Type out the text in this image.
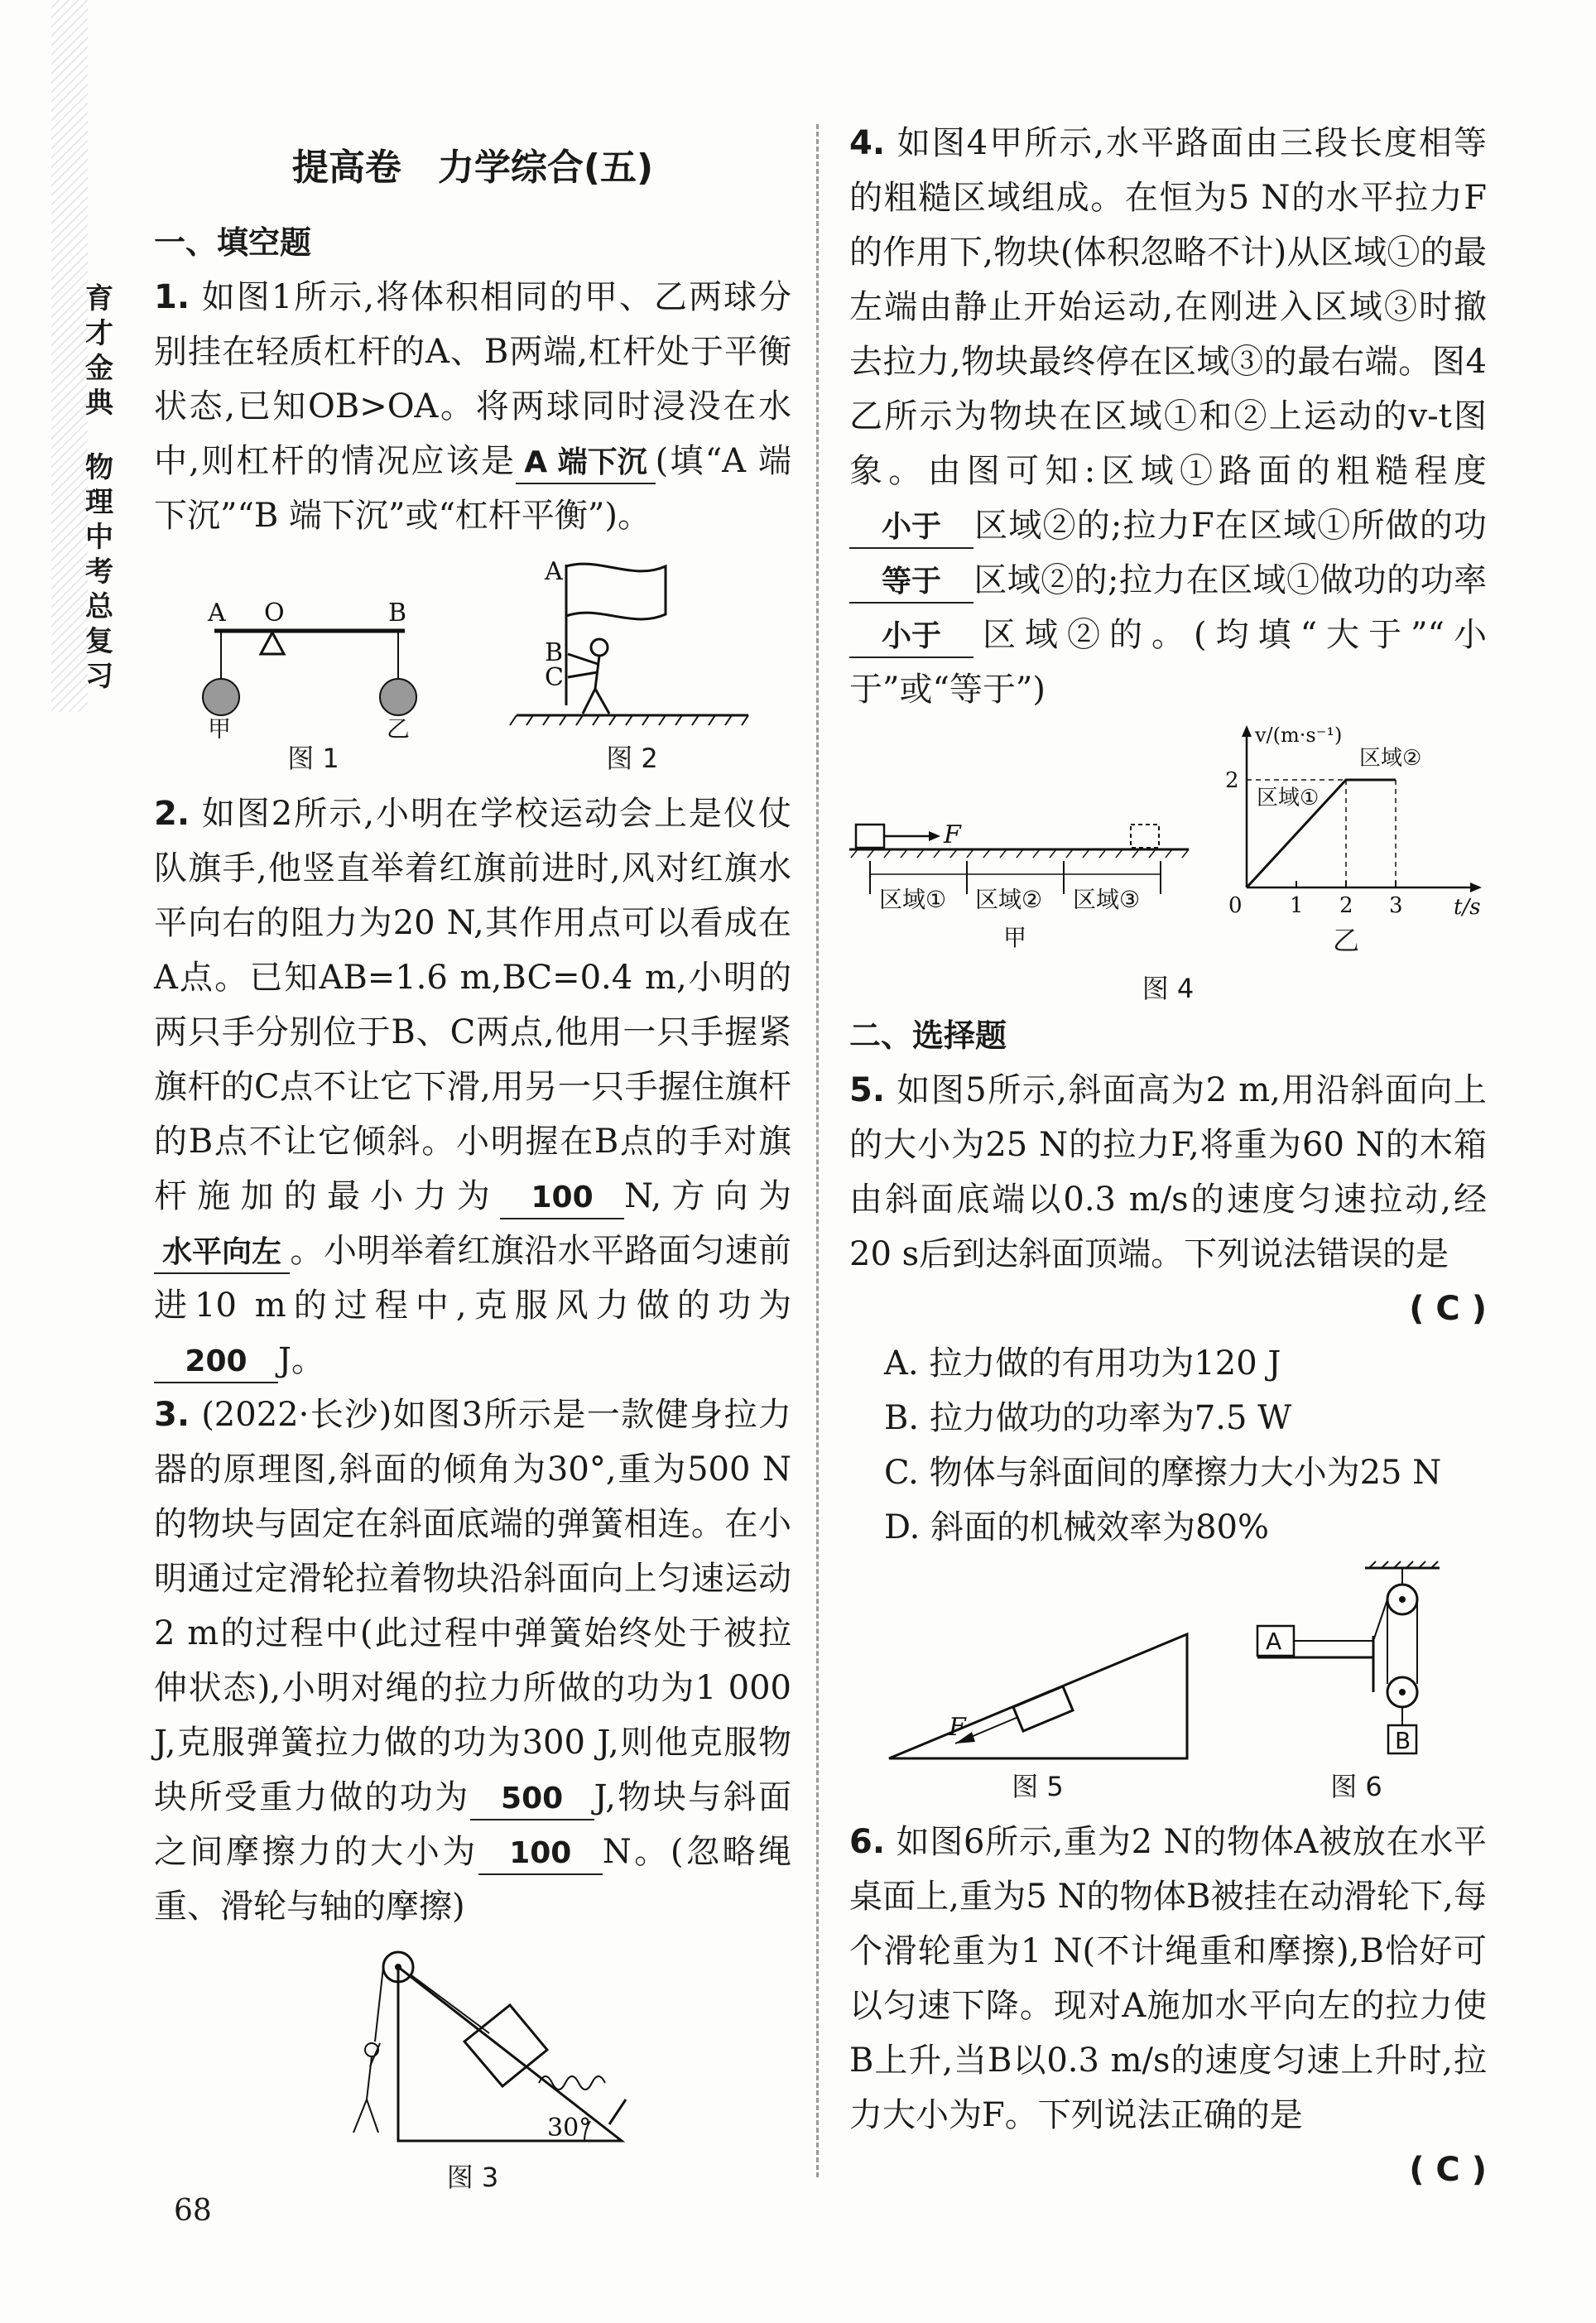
育才金典
物理中考总复习
提高卷　力学综合(五)
一、填空题

1. 如图1所示,将体积相同的甲、乙两球分别挂在轻质杠杆的A、B两端,杠杆处于平衡状态,已知OB>OA。将两球同时浸没在水中,则杠杆的情况应该是 A 端下沉 (填“A 端下沉”“B 端下沉”或“杠杆平衡”)。

A O	B
甲	乙
图 1
A
B
C
图 2

2. 如图2所示,小明在学校运动会上是仪仗队旗手,他竖直举着红旗前进时,风对红旗水平向右的阻力为20 N,其作用点可以看成在A点。已知AB=1.6 m,BC=0.4 m,小明的两只手分别位于B、C两点,他用一只手握紧旗杆的C点不让它下滑,用另一只手握住旗杆的B点不让它倾斜。小明握在B点的手对旗杆施加的最小力为 100 N,方向为水平向左 。小明举着红旗沿水平路面匀速前进10 m的过程中,克服风力做的功为200 J。

3. (2022·长沙)如图3所示是一款健身拉力器的原理图,斜面的倾角为30°,重为500 N的物块与固定在斜面底端的弹簧相连。在小明通过定滑轮拉着物块沿斜面向上匀速运动2 m的过程中(此过程中弹簧始终处于被拉伸状态),小明对绳的拉力所做的功为1 000 J,克服弹簧拉力做的功为300 J,则他克服物块所受重力做的功为 500 J,物块与斜面之间摩擦力的大小为 100 N。(忽略绳重、滑轮与轴的摩擦)

30°
图 3

4. 如图4甲所示,水平路面由三段长度相等的粗糙区域组成。在恒为5 N的水平拉力F的作用下,物块(体积忽略不计)从区域①的最左端由静止开始运动,在刚进入区域③时撤去拉力,物块最终停在区域③的最右端。图4乙所示为物块在区域①和②上运动的v-t图象。由图可知:区域①路面的粗糙程度小于 区域②的;拉力F在区域①所做的功等于 区域②的;拉力在区域①做功的功率小于 区域②的。(均填“大于”“小于”或“等于”)

F
区域① 区域② 区域③
甲
v/(m·s⁻¹)
t/s
0 1 2 3
2
区域①
区域②
乙
图 4
二、选择题

5. 如图5所示,斜面高为2 m,用沿斜面向上的大小为25 N的拉力F,将重为60 N的木箱由斜面底端以0.3 m/s的速度匀速拉动,经20 s后到达斜面顶端。下列说法错误的是

( C )
A. 拉力做的有用功为120 J
B. 拉力做功的功率为7.5 W
C. 物体与斜面间的摩擦力大小为25 N
D. 斜面的机械效率为80%
F
图 5
A
B
图 6

6. 如图6所示,重为2 N的物体A被放在水平桌面上,重为5 N的物体B被挂在动滑轮下,每个滑轮重为1 N(不计绳重和摩擦),B恰好可以匀速下降。现对A施加水平向左的拉力使B上升,当B以0.3 m/s的速度匀速上升时,拉力大小为F。下列说法正确的是

( C )
68
